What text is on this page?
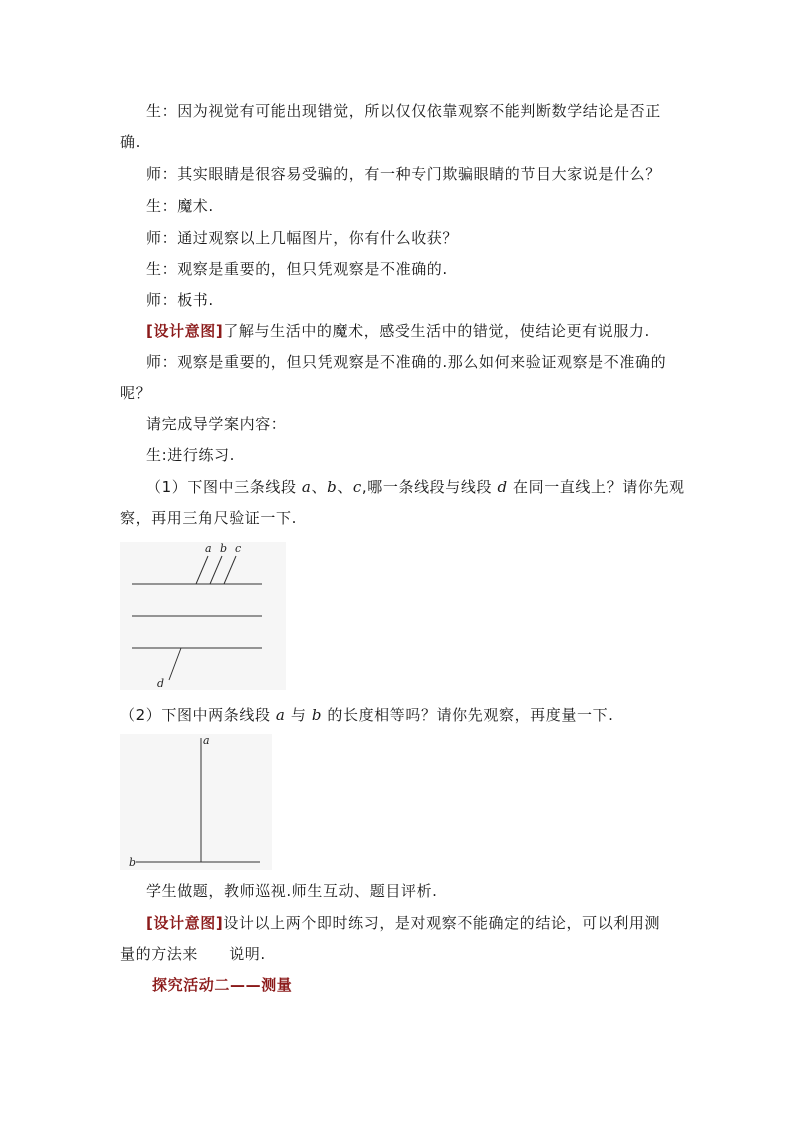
生：因为视觉有可能出现错觉，所以仅仅依靠观察不能判断数学结论是否正
确.
师：其实眼睛是很容易受骗的，有一种专门欺骗眼睛的节目大家说是什么？
生：魔术.
师：通过观察以上几幅图片，你有什么收获？
生：观察是重要的，但只凭观察是不准确的.
师：板书.
[设计意图]了解与生活中的魔术，感受生活中的错觉，使结论更有说服力.
师：观察是重要的，但只凭观察是不准确的.那么如何来验证观察是不准确的
呢？
请完成导学案内容：
生:进行练习.
（1）下图中三条线段 a、b、c,哪一条线段与线段 d 在同一直线上？请你先观
察，再用三角尺验证一下.
a b c
d
（2）下图中两条线段 a 与 b 的长度相等吗？请你先观察，再度量一下.
a
b
学生做题，教师巡视.师生互动、题目评析.
[设计意图]设计以上两个即时练习，是对观察不能确定的结论，可以利用测
量的方法来　　说明.
探究活动二——测量
